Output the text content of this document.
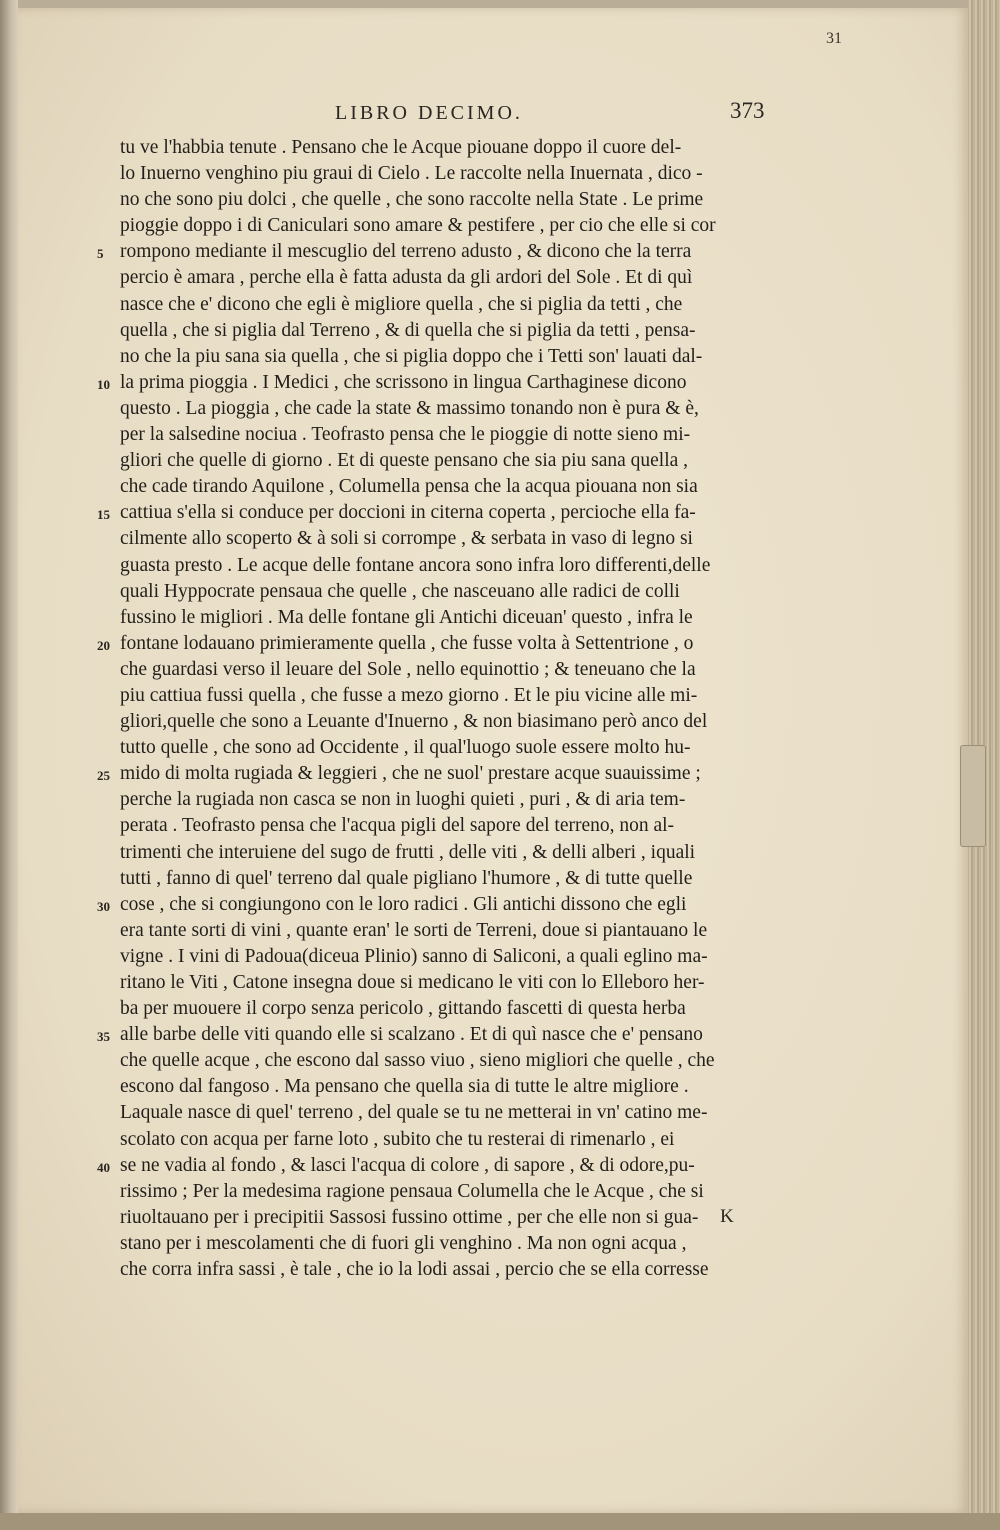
31
LIBRO DECIMO.	373
tu ve l'habbia tenute . Pensano che le Acque piouane doppo il cuore del-
lo Inuerno venghino piu graui di Cielo . Le raccolte nella Inuernata , dico -
no che sono piu dolci , che quelle , che sono raccolte nella State . Le prime
pioggie doppo i di Caniculari sono amare & pestifere , per cio che elle si cor
rompono mediante il mescuglio del terreno adusto , & dicono che la terra
percio è amara , perche ella è fatta adusta da gli ardori del Sole . Et di quì
nasce che e' dicono che egli è migliore quella , che si piglia da tetti , che
quella , che si piglia dal Terreno , & di quella che si piglia da tetti , pensa-
no che la piu sana sia quella , che si piglia doppo che i Tetti son' lauati dal-
la prima pioggia . I Medici , che scrissono in lingua Carthaginese dicono
questo . La pioggia , che cade la state & massimo tonando non è pura & è,
per la salsedine nociua . Teofrasto pensa che le pioggie di notte sieno mi-
gliori che quelle di giorno . Et di queste pensano che sia piu sana quella ,
che cade tirando Aquilone , Columella pensa che la acqua piouana non sia
cattiua s'ella si conduce per doccioni in citerna coperta , percioche ella fa-
cilmente allo scoperto & à soli si corrompe , & serbata in vaso di legno si
guasta presto . Le acque delle fontane ancora sono infra loro differenti,delle
quali Hyppocrate pensaua che quelle , che nasceuano alle radici de colli
fussino le migliori . Ma delle fontane gli Antichi diceuan' questo , infra le
fontane lodauano primieramente quella , che fusse volta à Settentrione , o
che guardasi verso il leuare del Sole , nello equinottio ; & teneuano che la
piu cattiua fussi quella , che fusse a mezo giorno . Et le piu vicine alle mi-
gliori,quelle che sono a Leuante d'Inuerno , & non biasimano però anco del
tutto quelle , che sono ad Occidente , il qual'luogo suole essere molto hu-
mido di molta rugiada & leggieri , che ne suol' prestare acque suauissime ;
perche la rugiada non casca se non in luoghi quieti , puri , & di aria tem-
perata . Teofrasto pensa che l'acqua pigli del sapore del terreno, non al-
trimenti che interuiene del sugo de frutti , delle viti , & delli alberi , iquali
tutti , fanno di quel' terreno dal quale pigliano l'humore , & di tutte quelle
cose , che si congiungono con le loro radici . Gli antichi dissono che egli
era tante sorti di vini , quante eran' le sorti de Terreni, doue si piantauano le
vigne . I vini di Padoua(diceua Plinio) sanno di Saliconi, a quali eglino ma-
ritano le Viti , Catone insegna doue si medicano le viti con lo Elleboro her-
ba per muouere il corpo senza pericolo , gittando fascetti di questa herba
alle barbe delle viti quando elle si scalzano . Et di quì nasce che e' pensano
che quelle acque , che escono dal sasso viuo , sieno migliori che quelle , che
escono dal fangoso . Ma pensano che quella sia di tutte le altre migliore .
Laquale nasce di quel' terreno , del quale se tu ne metterai in vn' catino me-
scolato con acqua per farne loto , subito che tu resterai di rimenarlo , ei
se ne vadia al fondo , & lasci l'acqua di colore , di sapore , & di odore,pu-
rissimo ; Per la medesima ragione pensaua Columella che le Acque , che si
riuoltauano per i precipitii Sassosi fussino ottime , per che elle non si gua-
stano per i mescolamenti che di fuori gli venghino . Ma non ogni acqua ,
che corra infra sassi , è tale , che io la lodi assai , percio che se ella corresse
K
5
10
15
20
25
30
35
40
